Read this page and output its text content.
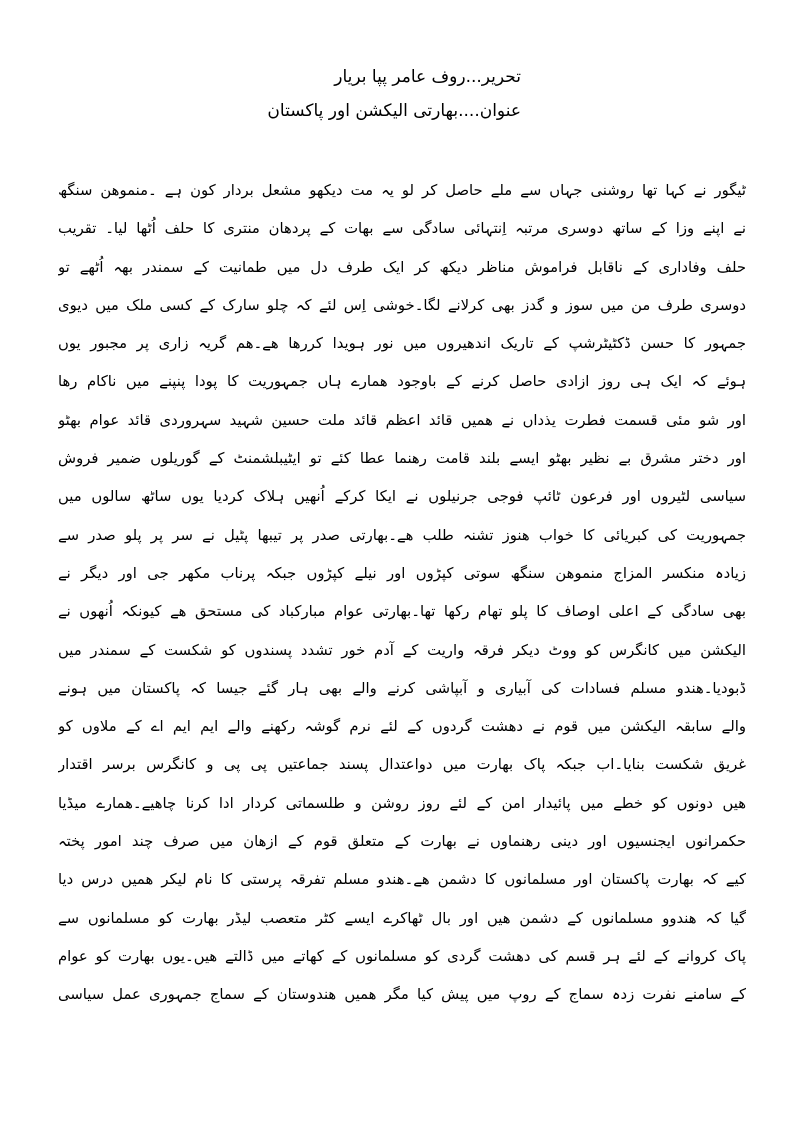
تحریر...روف عامر پپا بریار
عنوان....بھارتی الیکشن اور پاکستان
ٹیگور نے کہا تھا روشنی جہاں سے ملے حاصل کر لو یہ مت دیکھو مشعل بردار کون ہے ۔منموھن سنگھ
نے اپنے وزا کے ساتھ دوسری مرتبہ اِنتہائی سادگی سے بھات کے پردھان منتری کا حلف اُٹھا لیا۔ تقریب
حلف وفاداری کے ناقابل فراموش مناظر دیکھ کر ایک طرف دل میں طمانیت کے سمندر بھہ اُٹھے تو
دوسری طرف من میں سوز و گدز بھی کرلانے لگا۔خوشی اِس لئے کہ چلو سارک کے کسی ملک میں دیوی
جمہور کا حسن ڈکٹیٹرشپ کے تاریک اندھیروں میں نور ہویدا کررھا ھے۔ھم گریہ زاری پر مجبور یوں
ہوئے کہ ایک ہی روز ازادی حاصل کرنے کے باوجود ھمارے ہاں جمہوریت کا پودا پنپنے میں ناکام رھا
اور شو مئی قسمت فطرت یذداں نے ھمیں قائد اعظم قائد ملت حسین شہید سہروردی قائد عوام بھٹو
اور دختر مشرق بے نظیر بھٹو ایسے بلند قامت رھنما عطا کئے تو ایٹیبلشمنٹ کے گوریلوں ضمیر فروش
سیاسی لٹیروں اور فرعون ٹائپ فوجی جرنیلوں نے ایکا کرکے اُنھیں ہلاک کردیا یوں ساٹھ سالوں میں
جمہوریت کی کبریائی کا خواب ھنوز تشنہ طلب ھے۔بھارتی صدر پر تیبھا پٹیل نے سر پر پلو صدر سے
زیادہ منکسر المزاج منموھن سنگھ سوتی کپڑوں اور نیلے کپڑوں جبکہ پرناب مکھر جی اور دیگر نے
بھی سادگی کے اعلی اوصاف کا پلو تھام رکھا تھا۔بھارتی عوام مبارکباد کی مستحق ھے کیونکہ اُنھوں نے
الیکشن میں کانگرس کو ووٹ دیکر فرقہ واریت کے آدم خور تشدد پسندوں کو شکست کے سمندر میں
ڈبودیا۔ھندو مسلم فسادات کی آبیاری و آبپاشی کرنے والے بھی ہار گئے جیسا کہ پاکستان میں ہونے
والے سابقہ الیکشن میں قوم نے دھشت گردوں کے لئے نرم گوشہ رکھنے والے ایم ایم اے کے ملاوں کو
غریق شکست بنایا۔اب جبکہ پاک بھارت میں دواعتدال پسند جماعتیں پی پی و کانگرس برسر اقتدار
ھیں دونوں کو خطے میں پائیدار امن کے لئے روز روشن و طلسماتی کردار ادا کرنا چاھیے۔ھمارے میڈیا
حکمرانوں ایجنسیوں اور دینی رھنماوں نے بھارت کے متعلق قوم کے ازھان میں صرف چند امور پختہ
کیے کہ بھارت پاکستان اور مسلمانوں کا دشمن ھے۔ھندو مسلم تفرقہ پرستی کا نام لیکر ھمیں درس دیا
گیا کہ ھندوو مسلمانوں کے دشمن ھیں اور بال ٹھاکرے ایسے کٹر متعصب لیڈر بھارت کو مسلمانوں سے
پاک کروانے کے لئے ہر قسم کی دھشت گردی کو مسلمانوں کے کھاتے میں ڈالتے ھیں۔یوں بھارت کو عوام
کے سامنے نفرت زدہ سماج کے روپ میں پیش کیا مگر ھمیں ھندوستان کے سماج جمہوری عمل سیاسی
